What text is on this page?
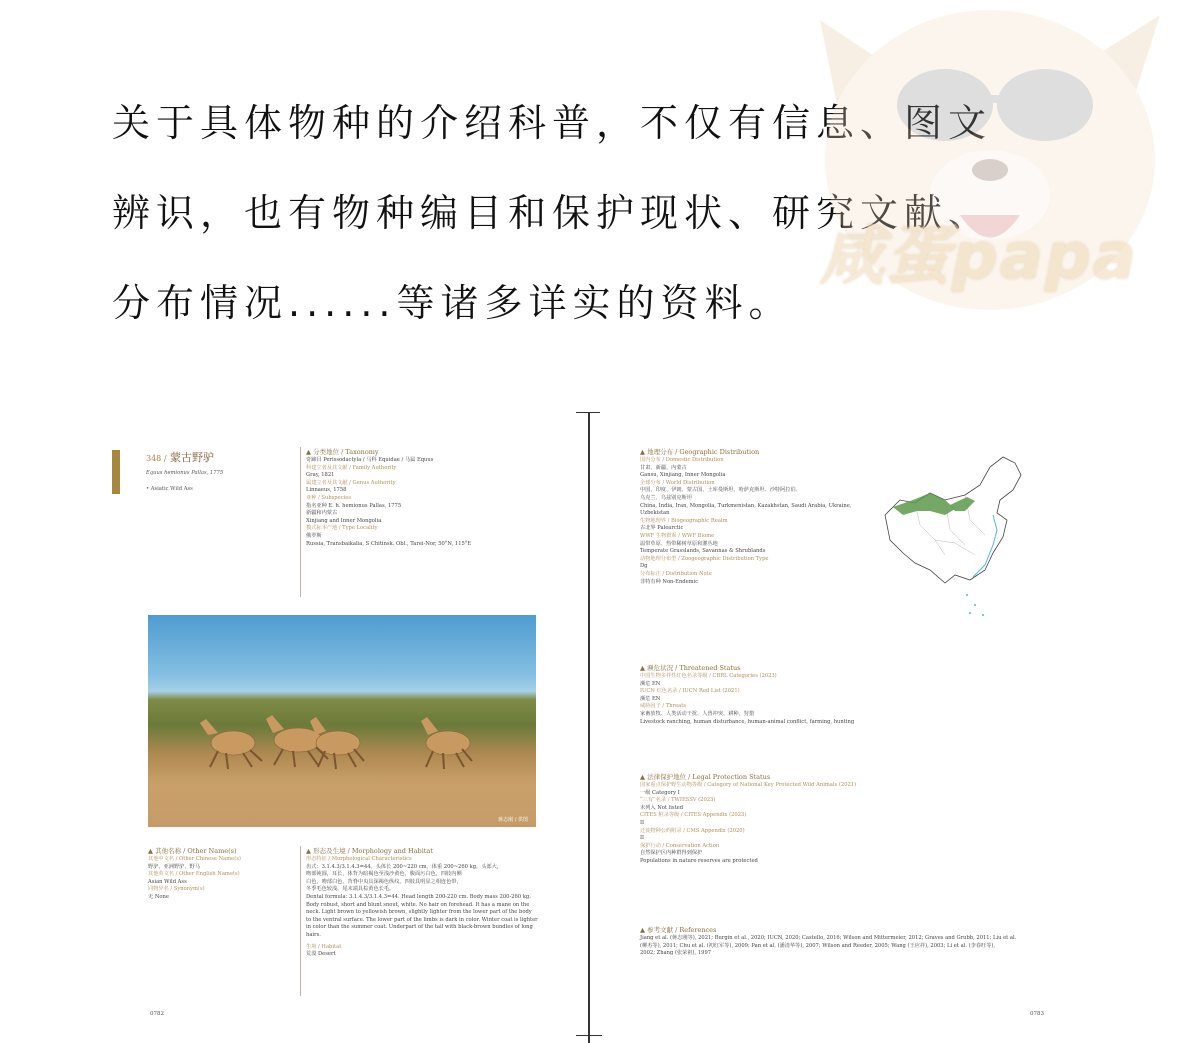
关于具体物种的介绍科普，不仅有信息、图文
辨识，也有物种编目和保护现状、研究文献、
分布情况......等诸多详实的资料。
咸蛋papa
348 / 蒙古野驴
Equus hemionus Pallas, 1775
• Asiatic Wild Ass
▲ 分类地位 / Taxonomy
奇蹄目 Perissodactyla / 马科 Equidae / 马属 Equus
科建立者及其文献 / Family Authority
Gray, 1821
属建立者及其文献 / Genus Authority
Linnaeus, 1758
亚种 / Subspecies
指名亚种 E. h. hemionus Pallas, 1775
新疆和内蒙古
Xinjiang and Inner Mongolia
模式标本产地 / Type Locality
俄罗斯
Russia, Transbaikalia, S Chitinsk. Obl., Tarei-Nor, 50°N, 115°E
蒋志刚 / 供图
▲ 其他名称 / Other Name(s)
其他中文名 / Other Chinese Name(s)
野驴、亚洲野驴、野马
其他英文名 / Other English Name(s)
Asian Wild Ass
同物异名 / Synonym(s)
无 None
▲ 形态及生境 / Morphology and Habitat
形态特征 / Morphological Characteristics
齿式：3.1.4.3/3.1.4.3=44。头体长 200~220 cm，体重 200~260 kg。头部大，
吻部钝圆，耳长，体背为暗褐色至浅沙黄色，腹面污白色，四肢内侧
白色，吻部白色，背脊中央具深褐色纵纹。四肢具明显之相连色带，
冬季毛色较浅，尾末端具棕黄色长毛。
Dental formula: 3.1.4.3/3.1.4.3=44. Head length 200-220 cm. Body mass 200-260 kg.
Body robust, short and blunt snout, white. No hair on forehead. It has a mane on the
neck. Light brown to yellowish brown, slightly lighter from the lower part of the body
to the ventral surface. The lower part of the limbs is dark in color. Winter coat is lighter
in color than the summer coat. Underpart of the tail with black-brown bundles of long
hairs.
生境 / Habitat
荒漠 Desert
0782
▲ 地理分布 / Geographic Distribution
国内分布 / Domestic Distribution
甘肃、新疆、内蒙古
Gansu, Xinjiang, Inner Mongolia
全球分布 / World Distribution
中国、印度、伊朗、蒙古国、土库曼斯坦、哈萨克斯坦、沙特阿拉伯、
乌克兰、乌兹别克斯坦
China, India, Iran, Mongolia, Turkmenistan, Kazakhstan, Saudi Arabia, Ukraine,
Uzbekistan
生物地理界 / Biogeographic Realm
古北界 Palearctic
WWF 生物群系 / WWF Biome
温带草原、热带稀树草原和灌丛地
Temperate Grasslands, Savannas & Shrublands
动物地理分布型 / Zoogeographic Distribution Type
Dg
分布标注 / Distribution Note
非特有种 Non-Endemic
▲ 濒危状况 / Threatened Status
中国生物多样性红色名录等级 / CBRL Categories (2023)
濒危 EN
IUCN 红色名录 / IUCN Red List (2021)
濒危 EN
威胁因子 / Threats
家畜放牧、人类活动干扰、人兽冲突、耕种、狩猎
Livestock ranching, human disturbance, human-animal conflict, farming, hunting
▲ 法律保护地位 / Legal Protection Status
国家重点保护野生动物等级 / Category of National Key Protected Wild Animals (2021)
一级 Category I
“三有”名录 / TWIESSV (2023)
未列入 Not listed
CITES 附录等级 / CITES Appendix (2023)
II
迁徙物种公约附录 / CMS Appendix (2020)
II
保护行动 / Conservation Action
自然保护区内种群得到保护
Populations in nature reserves are protected
▲ 参考文献 / References
Jiang et al. (蒋志刚等), 2021; Burgin et al., 2020; IUCN, 2020; Castello, 2016; Wilson and Mittermeier, 2012; Graves and Grubb, 2011; Liu et al.
(柳杰等), 2011; Chu et al. (初红军等), 2009; Pan et al. (潘清华等), 2007; Wilson and Reeder, 2005; Wang (王应祥), 2003; Li et al. (李春旺等),
2002; Zhang (张荣祖), 1997
0783
